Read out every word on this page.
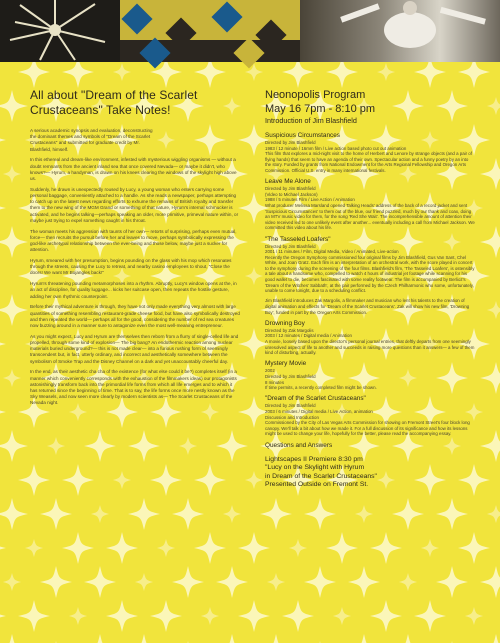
All about "Dream of the Scarlet
Crustaceans" Take Notes!

A serious academic synopsis and evaluation, deconstructing the dominant themes and symbols of "Dream of the Scarlet Crustaceans" and submitted for graduate credit by Mr. Blashfield, himself.

In this ethereal and dream-like environment, infested with mysterious wiggling organisms — without a doubt remnants from the ancient inland sea that once covered Nevada— or maybe it didn't, who knows?— Hyrum, a handyman, is drawn on his knees clearing the windows of the skylight high above us.

Suddenly, he drawn is unexpectedly roused by Lucy, a young woman who enters carrying some personal baggage, conveniently attached to a handle. As she reads a newspaper, perhaps attempting to catch up on the latest news regarding efforts to exhume the remains of British royalty and transfer them to the new wing of the MGM Grand or something of that nature, Hyrum's internal schmucker is activated, and he begins talking—perhaps speaking an older, more primitive, primeval nature within, or maybe just trying to expel something caught in his throat.

The woman meets his aggression with taunts of her own— retorts of surprising, perhaps even mutual, force— then recruits the pursuit before her and leaves to move, perhaps symbolically expressing the god-like archetypal relationship between the ever-being and those below, maybe just a sucker for attention.

Hyrum, smeared with her presumption, begins pounding on the glass with his mop which resonates through the streets, causing the Lucy to retreat, and nearby casino employees to shout, "Close the doors! We want Mr Bojangles back!"

Hyrum's threatening pounding metamorphoses into a rhythm. Abruptly, Lucy's window opens at the, in an act of discipline, for quality luggage... kicks her suitcase open, then repeats the hostile gesture, adding her own rhythmic counterpoint.

Before their mythical adventure is through, they have not only made everything very almost with large quantities of something resembling restaurant-grade cheese food, but have also symbolically destroyed and then repeated the world— perhaps all for the good, considering the number of red sea creatures now buzzing around in a manner sure to antagonize even the most well-meaning entrepreneur.

As you might expect, Lucy and Hyrum are themselves then reborn from a flurry of single-celled life and propelled, through some kind of explosion— The big bang? An endothermic reaction among nuclear materials buried underground?— this is not made clear— into a furious rushing form of seemingly transcendent but, in fact, utterly ordinary, and incorrect and aesthetically somewhere between the symbolism of Smoke Trap and the Disney Channel on a dark and yet unaccountably cheerful day.

In the end, as their aesthetic cha cha of the existence (for what else could it be?) completes itself (in a manner which conveniently corresponds with the exhaustion of the filmmakers ideas) our protagonists astonishingly transform back into the primordial life forms from which all life emerges and to which it has returned since the beginning of time. That is to say, the life forms once more nestly known as the Sky Weasels, and now seen more clearly by modern scientists as— The Scarlet Crustaceans of the Nevada night.

Neonopolis Program
May 16 7pm - 8:10 pm
Introduction of Jim Blashfield
Suspicious Circumstances
Directed by Jim Blashfield
1983 / 12 minute / 16mm film / Live action based photo cut out animation
This film that explores a mid-night visit to the home of Herbert and Lenore by strange objects (and a pair of flying hands) that seem to have an agenda of their own. Spectacular action and a funny poetry by an into the story. Funded by grants from National Endowment for the Arts Regional Fellowship and Oregon Arts Commission. Official U.S. entry in many international festivals.
Leave Me Alone
Directed by Jim Blashfield
(Video to Michael Jackson)
1988 / 5 minutes Film / Live Action / Animation
What producer Melissa Marsland opened Talking Heads' address of the back of a record jacket and sent 'Suspicious Circumstances' to them out of the blue, our friend puzzled, much by our thank and coax, doing an MTV music video for them, for the song 'Red She Wait'. The incomprehensible amount of attention their video received led to one unlikely event after another... eventually including a call from Michael Jackson. We committed this video about his life.
"The Tasseled Loafers"
Directed by Jim Blashfield
2001 / 11 minutes / Film, Digital Media, Video / Animated, Live-action
Recently the Oregon Symphony commissioned four original films by Jim Blashfield, Gus Van Sant, Chel White, and Joan Gratz. Each film is an interpretation of an orchestral work, with the score played in concert to the symphony during the screening of the four films. Blashfield's film, 'The Tasseled Loafers', is ostensibly a tale about a handsome who, compelled to watch 4 hours of industrial jet footage while scanning for his good wallet to die, becomes fascinated with some reality footwear. The film is accompanied by Berlioz's 'Dream of the Witches' Sabbath', at the pair performed by the Czech Philharmonic who some, unfortunately, unable to come tonight, due to a scheduling conflict.
Jim Blashfield introduces Zak Margolis, a filmmaker and musician who lent his talents to the creation of digital animation and effects for 'Dream of the Scarlet Crustaceans'. Zak will show his new film, 'Drowning Boy', funded in part by the Oregon Arts Commission.
Drowning Boy
Directed by Zak Margolis
2003 / 12 minutes / Digital media / Animation
A movie, loosely based upon the director's personal journal entries, that deftly departs from one seemingly unresolved aspect of life to another and succeeds in raising more questions than it answers— a few of them kind of disturbing, actually.
Mystery Movie
2002
Directed by Jim Blashfield
8 minutes
If time permits, a recently completed film might be shown.
"Dream of the Scarlet Crustaceans"
Directed by Jim Blashfield
2003 / 6 minutes / Digital media / Live Action, animation
Discussion and Introduction
Commissioned by the City of Las Vegas Arts Commission for showing on Fremont Street's four block long canopy. We'll talk a bit about how we made it. For a full discussion of its significance and how its lessons might be used to change your life, hopefully for the better, please read the accompanying essay.
Questions and Answers
Lightscapes II Premiere 8:30 pm
"Lucy on the Skylight with Hyrum
in Dream of the Scarlet Crustaceans"
Presented Outside on Fremont St.
